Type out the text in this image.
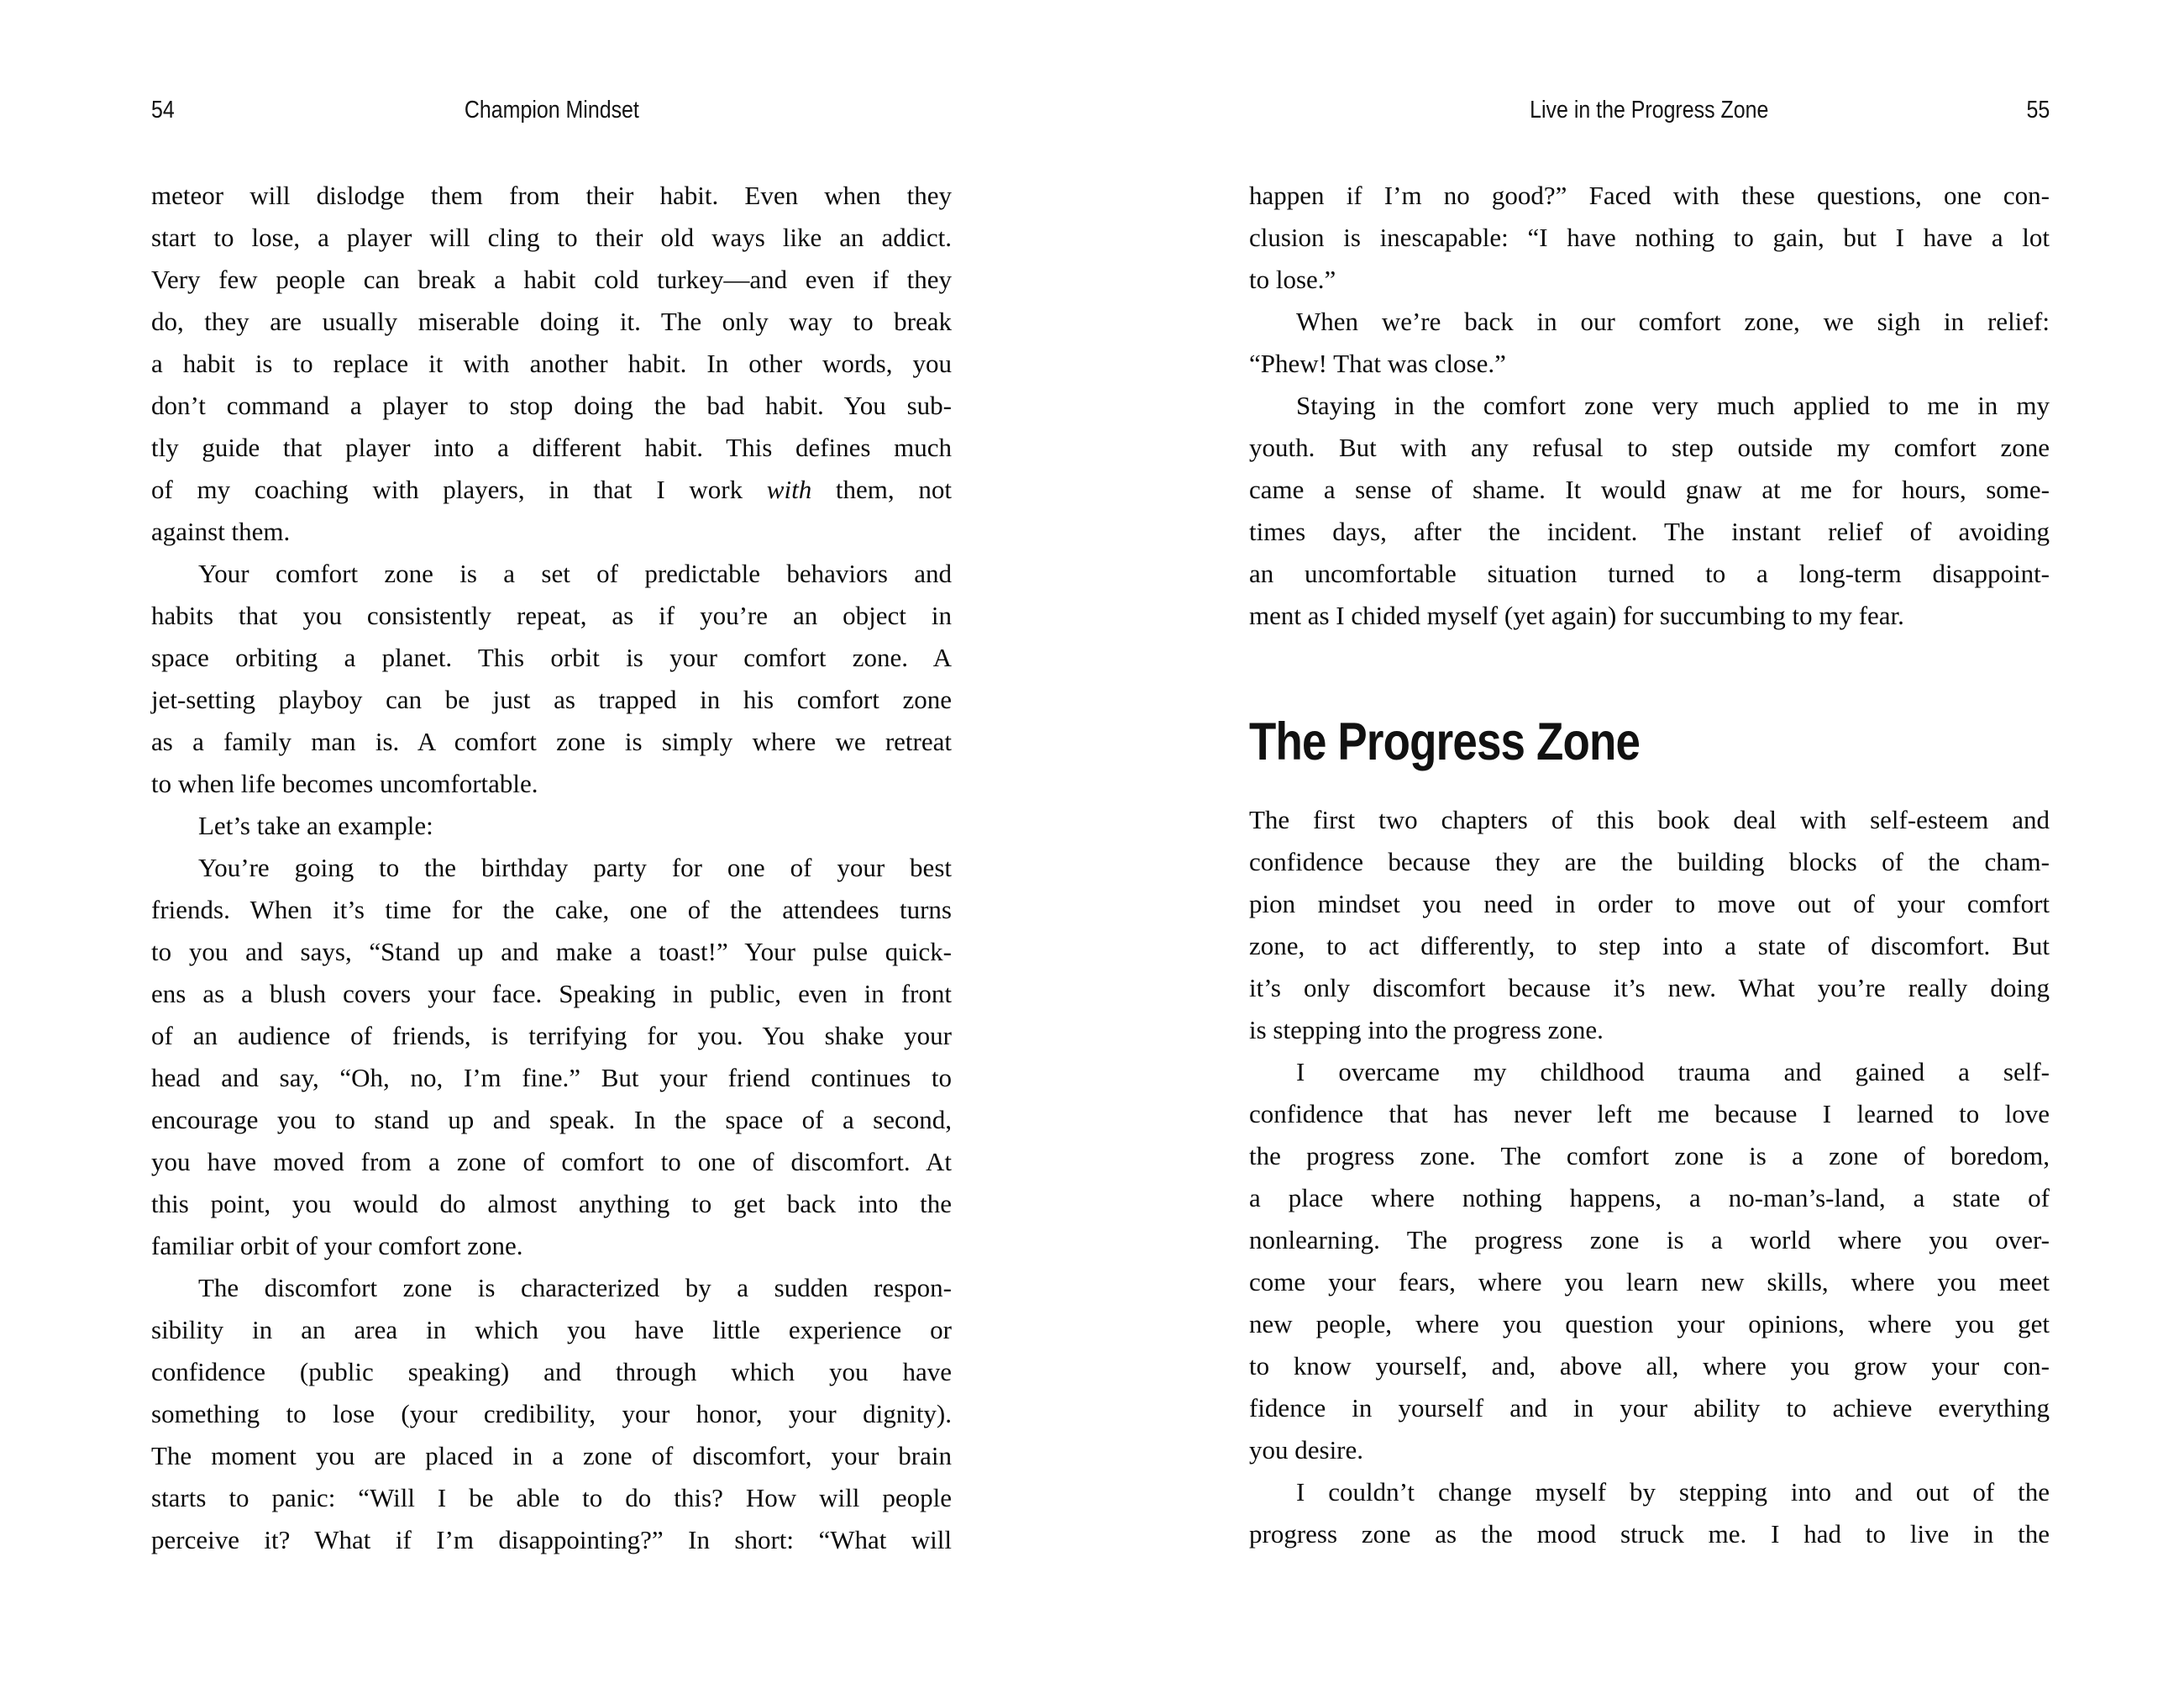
54	Champion Mindset	Live in the Progress Zone	55
meteor will dislodge them from their habit. Even when they
start to lose, a player will cling to their old ways like an addict.
Very few people can break a habit cold turkey—and even if they
do, they are usually miserable doing it. The only way to break
a habit is to replace it with another habit. In other words, you
don’t command a player to stop doing the bad habit. You sub-
tly guide that player into a different habit. This defines much
of my coaching with players, in that I work with them, not
against them.
Your comfort zone is a set of predictable behaviors and
habits that you consistently repeat, as if you’re an object in
space orbiting a planet. This orbit is your comfort zone. A
jet-setting playboy can be just as trapped in his comfort zone
as a family man is. A comfort zone is simply where we retreat
to when life becomes uncomfortable.
Let’s take an example:
You’re going to the birthday party for one of your best
friends. When it’s time for the cake, one of the attendees turns
to you and says, “Stand up and make a toast!” Your pulse quick-
ens as a blush covers your face. Speaking in public, even in front
of an audience of friends, is terrifying for you. You shake your
head and say, “Oh, no, I’m fine.” But your friend continues to
encourage you to stand up and speak. In the space of a second,
you have moved from a zone of comfort to one of discomfort. At
this point, you would do almost anything to get back into the
familiar orbit of your comfort zone.
The discomfort zone is characterized by a sudden respon-
sibility in an area in which you have little experience or
confidence (public speaking) and through which you have
something to lose (your credibility, your honor, your dignity).
The moment you are placed in a zone of discomfort, your brain
starts to panic: “Will I be able to do this? How will people
perceive it? What if I’m disappointing?” In short: “What will
happen if I’m no good?” Faced with these questions, one con-
clusion is inescapable: “I have nothing to gain, but I have a lot
to lose.”
When we’re back in our comfort zone, we sigh in relief:
“Phew! That was close.”
Staying in the comfort zone very much applied to me in my
youth. But with any refusal to step outside my comfort zone
came a sense of shame. It would gnaw at me for hours, some-
times days, after the incident. The instant relief of avoiding
an uncomfortable situation turned to a long-term disappoint-
ment as I chided myself (yet again) for succumbing to my fear.
The Progress Zone
The first two chapters of this book deal with self-esteem and
confidence because they are the building blocks of the cham-
pion mindset you need in order to move out of your comfort
zone, to act differently, to step into a state of discomfort. But
it’s only discomfort because it’s new. What you’re really doing
is stepping into the progress zone.
I overcame my childhood trauma and gained a self-
confidence that has never left me because I learned to love
the progress zone. The comfort zone is a zone of boredom,
a place where nothing happens, a no-man’s-land, a state of
nonlearning. The progress zone is a world where you over-
come your fears, where you learn new skills, where you meet
new people, where you question your opinions, where you get
to know yourself, and, above all, where you grow your con-
fidence in yourself and in your ability to achieve everything
you desire.
I couldn’t change myself by stepping into and out of the
progress zone as the mood struck me. I had to live in the
